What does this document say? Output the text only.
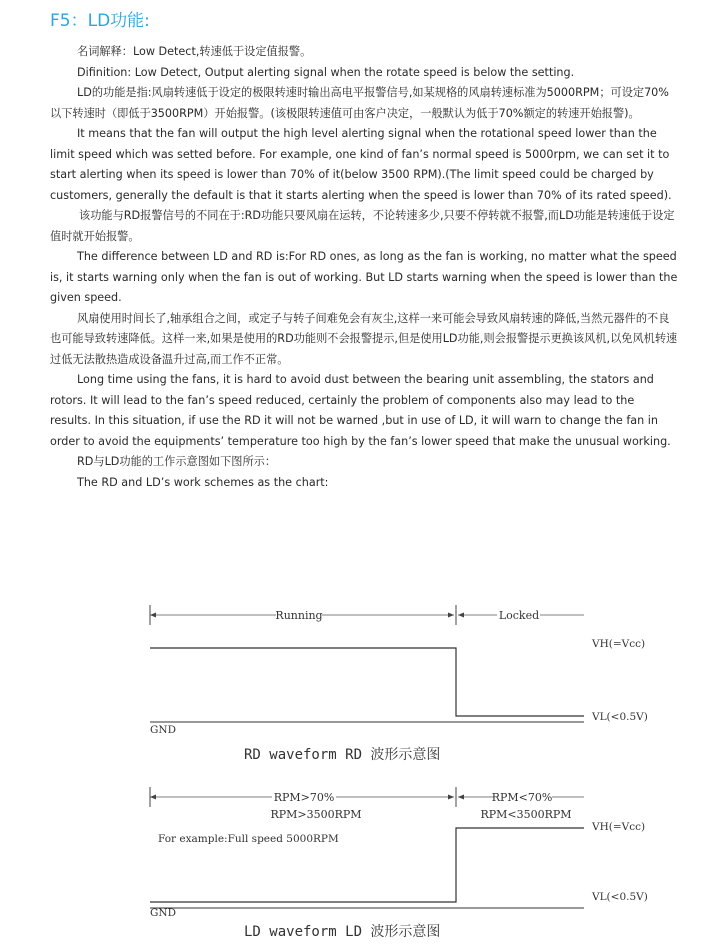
F5：LD功能:

名词解释：Low Detect,转速低于设定值报警。

Difinition: Low Detect, Output alerting signal when the rotate speed is below the setting.

LD的功能是指:风扇转速低于设定的极限转速时输出高电平报警信号,如某规格的风扇转速标准为5000RPM；可设定70%以下转速时（即低于3500RPM）开始报警。(该极限转速值可由客户决定，一般默认为低于70%额定的转速开始报警)。

It means that the fan will output the high level alerting signal when the rotational speed lower than the limit speed which was setted before. For example, one kind of fan’s normal speed is 5000rpm, we can set it to start alerting when its speed is lower than 70% of it(below 3500 RPM).(The limit speed could be charged by customers, generally the default is that it starts alerting when the speed is lower than 70% of its rated speed).

该功能与RD报警信号的不同在于:RD功能只要风扇在运转，不论转速多少,只要不停转就不报警,而LD功能是转速低于设定值时就开始报警。

The difference between LD and RD is:For RD ones, as long as the fan is working, no matter what the speed is, it starts warning only when the fan is out of working. But LD starts warning when the speed is lower than the given speed.

风扇使用时间长了,轴承组合之间，或定子与转子间难免会有灰尘,这样一来可能会导致风扇转速的降低,当然元器件的不良也可能导致转速降低。这样一来,如果是使用的RD功能则不会报警提示,但是使用LD功能,则会报警提示更换该风机,以免风机转速过低无法散热造成设备温升过高,而工作不正常。

Long time using the fans, it is hard to avoid dust between the bearing unit assembling, the stators and rotors. It will lead to the fan’s speed reduced, certainly the problem of components also may lead to the results. In this situation, if use the RD it will not be warned ,but in use of LD, it will warn to change the fan in order to avoid the equipments’ temperature too high by the fan’s lower speed that make the unusual working.

RD与LD功能的工作示意图如下图所示：

The RD and LD’s work schemes as the chart:

Running	Locked
VH(=Vcc)
VL(<0.5V)
GND
RPM>70%
RPM>3500RPM
RPM<70%
RPM<3500RPM
For example:Full speed 5000RPM
VH(=Vcc)
VL(<0.5V)
GND
RD waveform RD 波形示意图
LD waveform LD 波形示意图
